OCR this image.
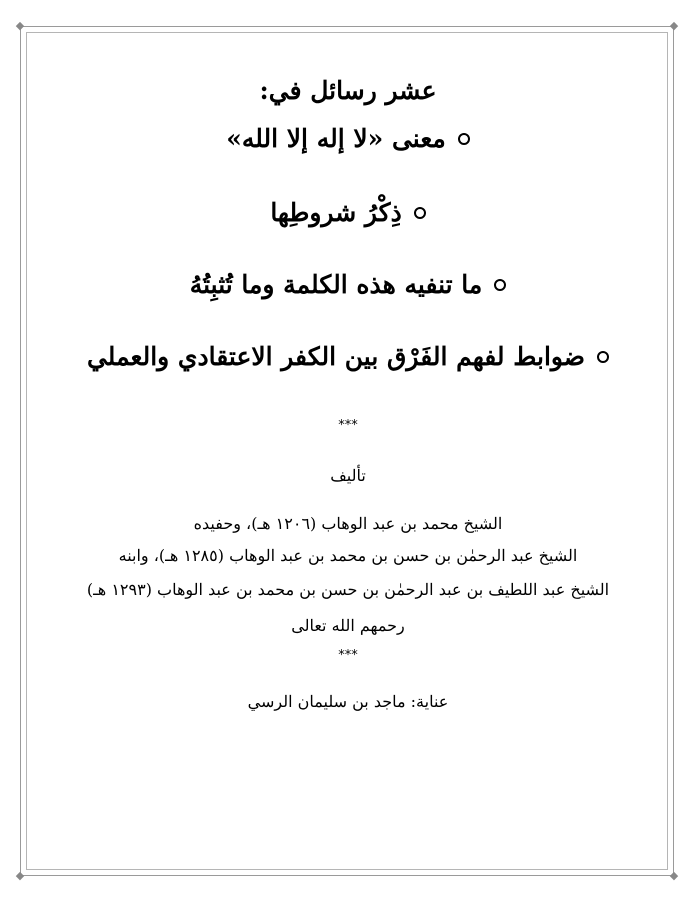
◆	◆
◆	◆
عشر رسائل في:
معنى «لا إله إلا الله»
ذِكْرُ شروطِها
ما تنفيه هذه الكلمة وما تُثبِتُهُ
ضوابط لفهم الفَرْق بين الكفر الاعتقادي والعملي
***
تأليف
الشيخ محمد بن عبد الوهاب (١٢٠٦ هـ)، وحفيده
الشيخ عبد الرحمٰن بن حسن بن محمد بن عبد الوهاب (١٢٨٥ هـ)، وابنه
الشيخ عبد اللطيف بن عبد الرحمٰن بن حسن بن محمد بن عبد الوهاب (١٢٩٣ هـ)
رحمهم الله تعالى
***
عناية: ماجد بن سليمان الرسي
